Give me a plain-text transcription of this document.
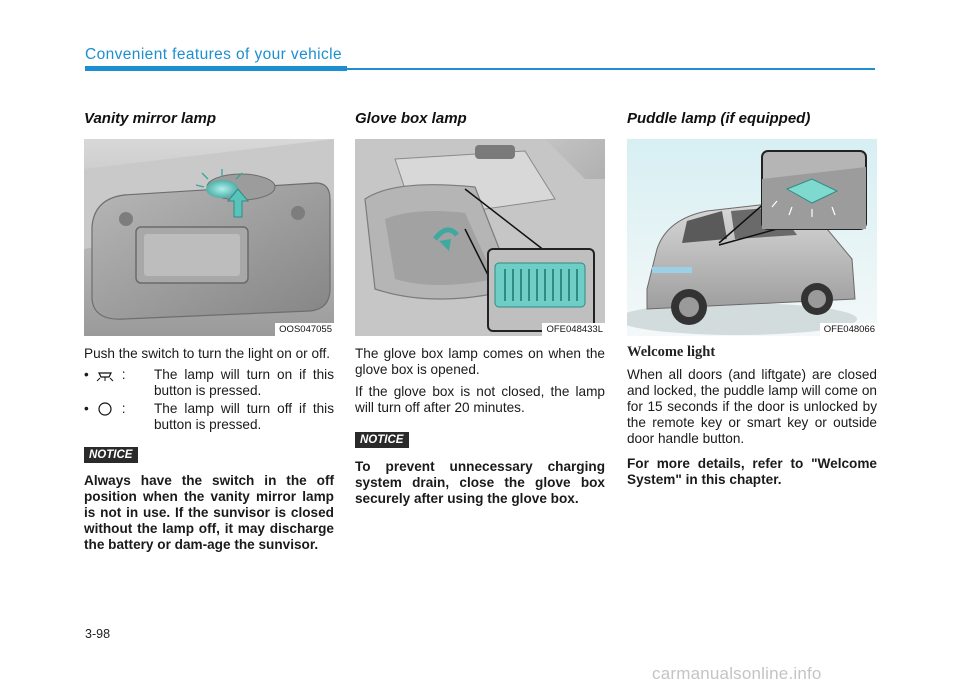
Convenient features of your vehicle
Vanity mirror lamp
OOS047055

Push the switch to turn the light on or off.

• : The lamp will turn on if this button is pressed.
• : The lamp will turn off if this button is pressed.
NOTICE

Always have the switch in the off position when the vanity mirror lamp is not in use. If the sunvisor is closed without the lamp off, it may discharge the battery or dam-age the sunvisor.

Glove box lamp
OFE048433L

The glove box lamp comes on when the glove box is opened.

If the glove box is not closed, the lamp will turn off after 20 minutes.

NOTICE

To prevent unnecessary charging system drain, close the glove box securely after using the glove box.

Puddle lamp (if equipped)
OFE048066
Welcome light

When all doors (and liftgate) are closed and locked, the puddle lamp will come on for 15 seconds if the door is unlocked by the remote key or smart key or outside door handle button.

For more details, refer to "Welcome System" in this chapter.

3-98
carmanualsonline.info
